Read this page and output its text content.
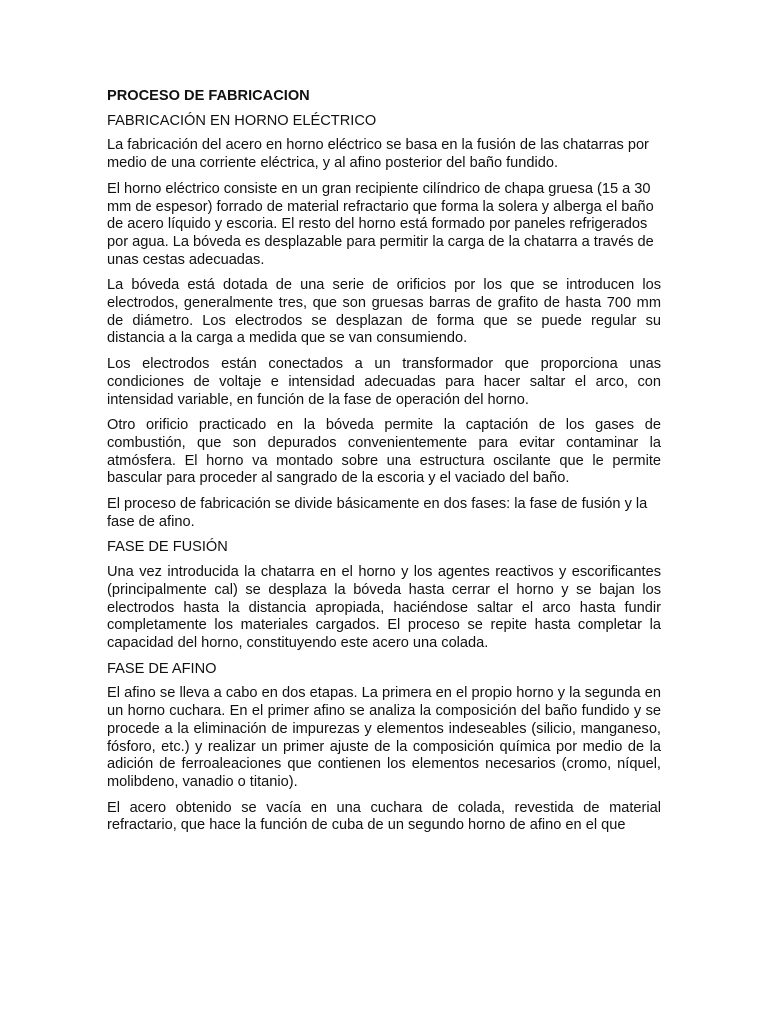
PROCESO DE FABRICACION
FABRICACIÓN EN HORNO ELÉCTRICO

La fabricación del acero en horno eléctrico se basa en la fusión de las chatarras por medio de una corriente eléctrica, y al afino posterior del baño fundido.

El horno eléctrico consiste en un gran recipiente cilíndrico de chapa gruesa (15 a 30 mm de espesor) forrado de material refractario que forma la solera y alberga el baño de acero líquido y escoria. El resto del horno está formado por paneles refrigerados por agua. La bóveda es desplazable para permitir la carga de la chatarra a través de unas cestas adecuadas.

La bóveda está dotada de una serie de orificios por los que se introducen los electrodos, generalmente tres, que son gruesas barras de grafito de hasta 700 mm de diámetro. Los electrodos se desplazan de forma que se puede regular su distancia a la carga a medida que se van consumiendo.

Los electrodos están conectados a un transformador que proporciona unas condiciones de voltaje e intensidad adecuadas para hacer saltar el arco, con intensidad variable, en función de la fase de operación del horno.

Otro orificio practicado en la bóveda permite la captación de los gases de combustión, que son depurados convenientemente para evitar contaminar la atmósfera. El horno va montado sobre una estructura oscilante que le permite bascular para proceder al sangrado de la escoria y el vaciado del baño.

El proceso de fabricación se divide básicamente en dos fases: la fase de fusión y la fase de afino.

FASE DE FUSIÓN

Una vez introducida la chatarra en el horno y los agentes reactivos y escorificantes (principalmente cal) se desplaza la bóveda hasta cerrar el horno y se bajan los electrodos hasta la distancia apropiada, haciéndose saltar el arco hasta fundir completamente los materiales cargados. El proceso se repite hasta completar la capacidad del horno, constituyendo este acero una colada.

FASE DE AFINO

El afino se lleva a cabo en dos etapas. La primera en el propio horno y la segunda en un horno cuchara. En el primer afino se analiza la composición del baño fundido y se procede a la eliminación de impurezas y elementos indeseables (silicio, manganeso, fósforo, etc.) y realizar un primer ajuste de la composición química por medio de la adición de ferroaleaciones que contienen los elementos necesarios (cromo, níquel, molibdeno, vanadio o titanio).

El acero obtenido se vacía en una cuchara de colada, revestida de material refractario, que hace la función de cuba de un segundo horno de afino en el que
